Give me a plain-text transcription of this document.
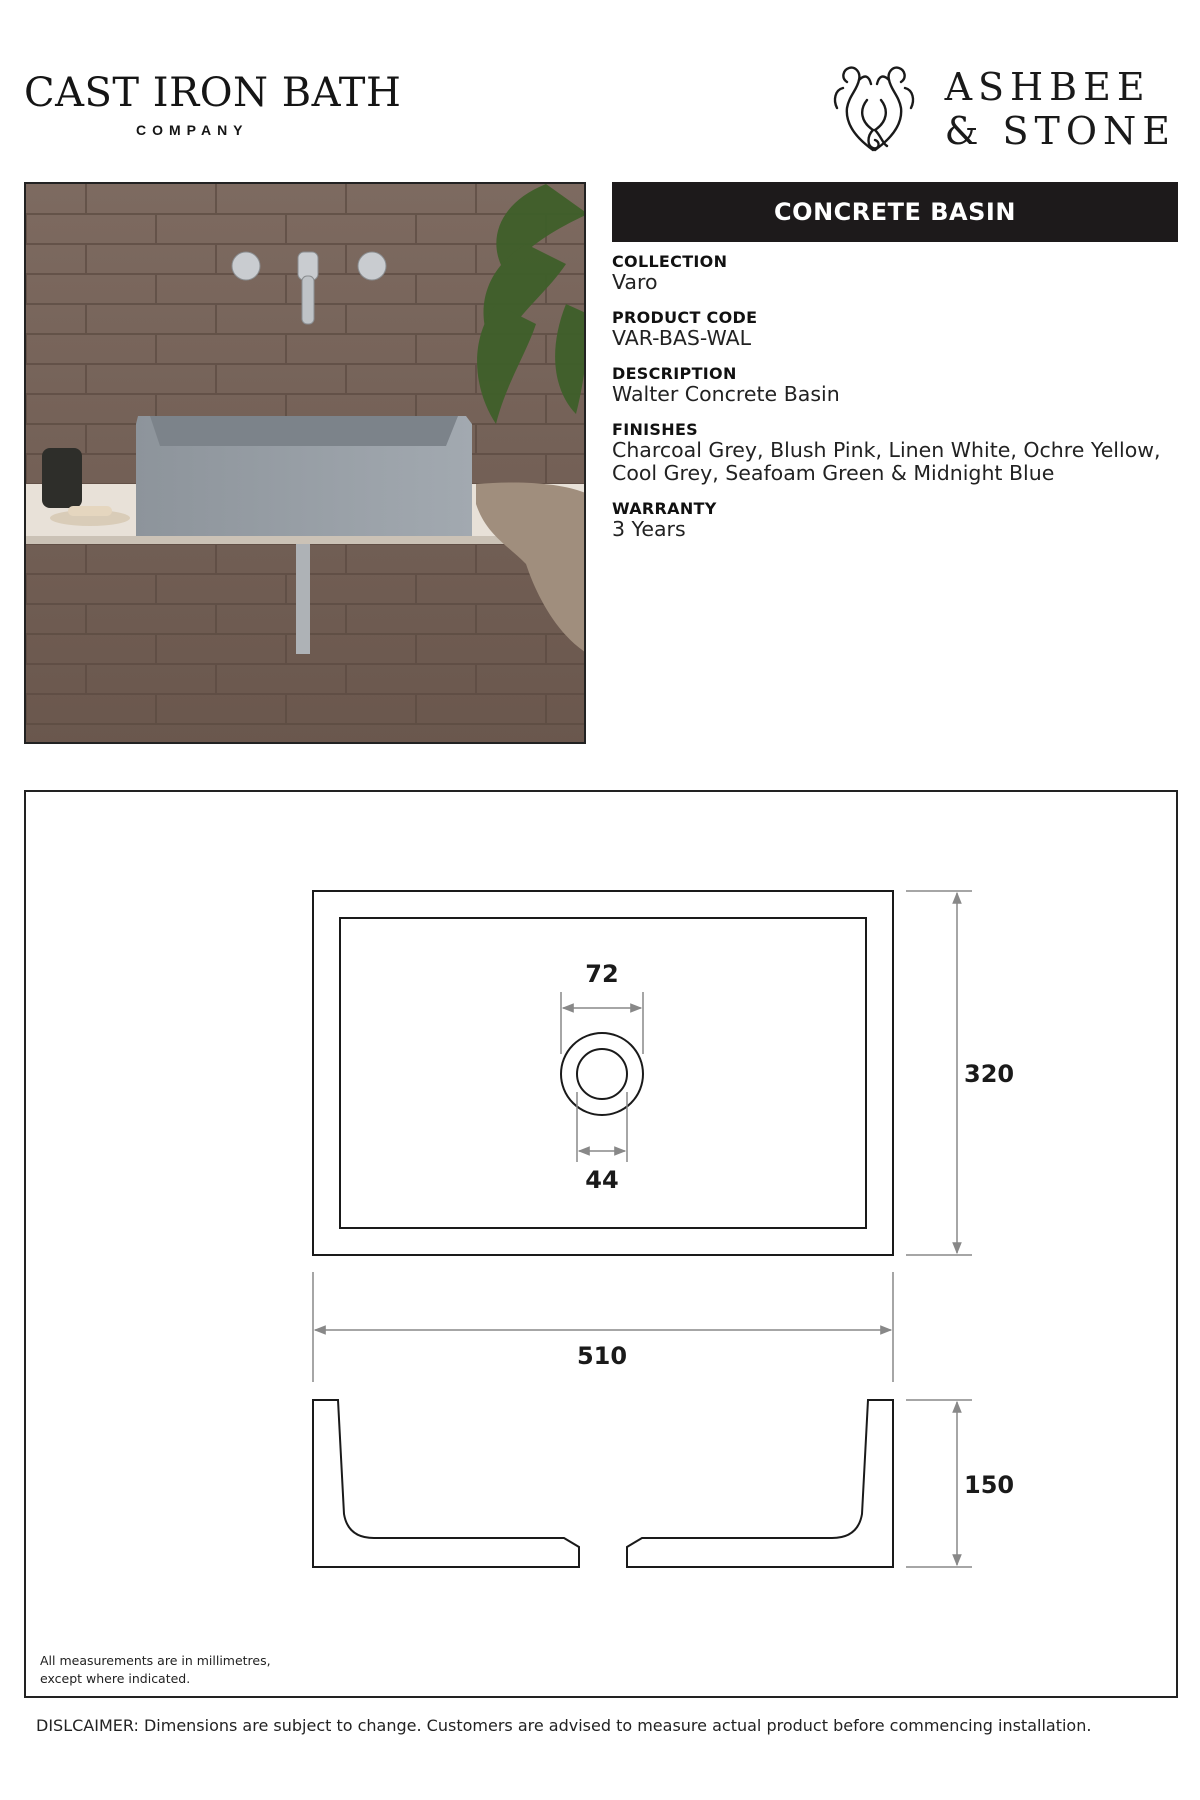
CAST IRON BATH
COMPANY
ASHBEE
& STONE
CONCRETE BASIN
COLLECTION
Varo
PRODUCT CODE
VAR-BAS-WAL
DESCRIPTION
Walter Concrete Basin
FINISHES
Charcoal Grey, Blush Pink, Linen White, Ochre Yellow, Cool Grey, Seafoam Green & Midnight Blue
WARRANTY
3 Years
72
44
320
510
150
All measurements are in millimetres,
except where indicated.
DISLCAIMER: Dimensions are subject to change. Customers are advised to measure actual product before commencing installation.
